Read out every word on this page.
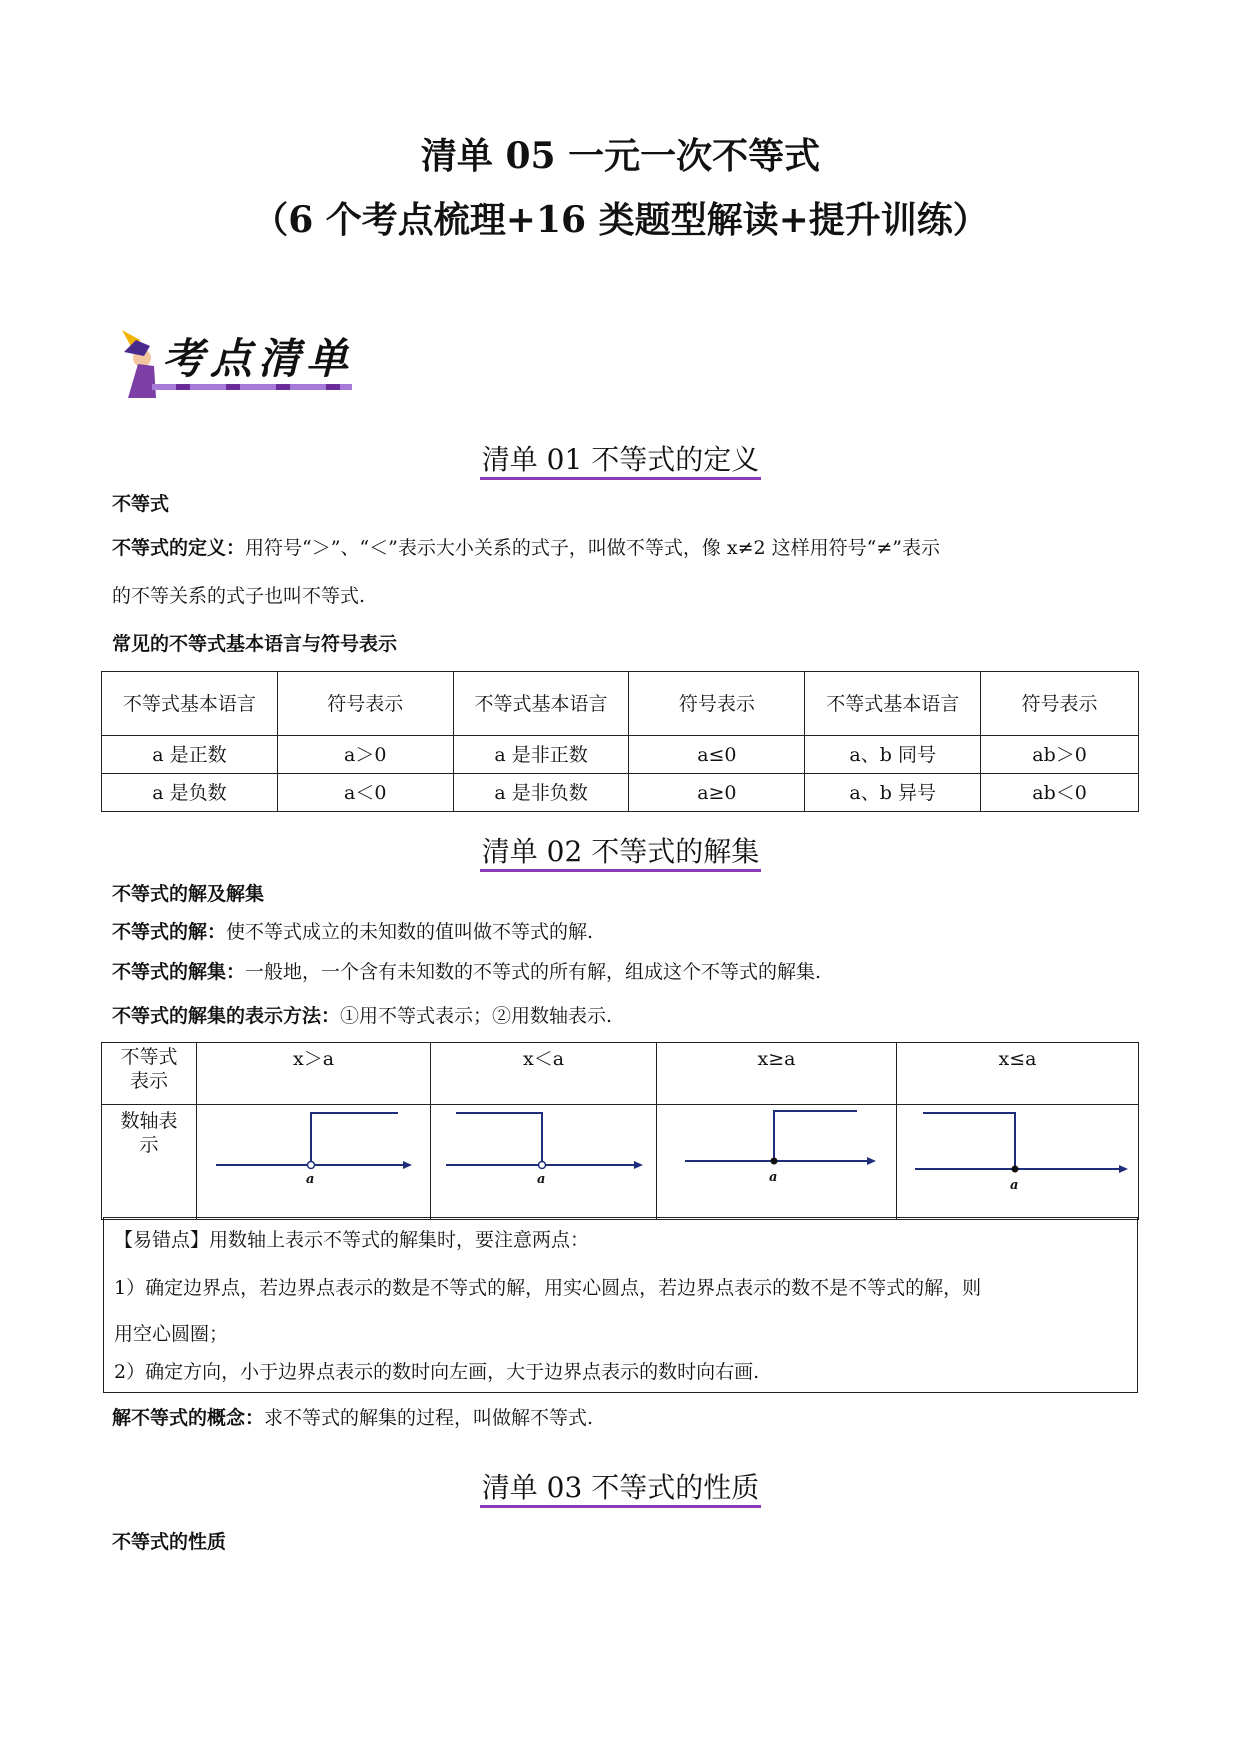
清单 05 一元一次不等式
（6 个考点梳理+16 类题型解读+提升训练）
考点清单
清单 01 不等式的定义
不等式
不等式的定义：用符号“＞”、“＜”表示大小关系的式子，叫做不等式，像 x≠2 这样用符号“≠”表示
的不等关系的式子也叫不等式.
常见的不等式基本语言与符号表示
不等式基本语言	符号表示	不等式基本语言	符号表示	不等式基本语言	符号表示
a 是正数	a＞0	a 是非正数	a≤0	a、b 同号	ab＞0
a 是负数	a＜0	a 是非负数	a≥0	a、b 异号	ab＜0
清单 02 不等式的解集
不等式的解及解集
不等式的解：使不等式成立的未知数的值叫做不等式的解.
不等式的解集：一般地，一个含有未知数的不等式的所有解，组成这个不等式的解集.
不等式的解集的表示方法：①用不等式表示；②用数轴表示.
不等式表示	x＞a	x＜a	x≥a	x≤a
数轴表示	a	a	a	a
【易错点】用数轴上表示不等式的解集时，要注意两点：
1）确定边界点，若边界点表示的数是不等式的解，用实心圆点，若边界点表示的数不是不等式的解，则
用空心圆圈；
2）确定方向，小于边界点表示的数时向左画，大于边界点表示的数时向右画.
解不等式的概念：求不等式的解集的过程，叫做解不等式.
清单 03 不等式的性质
不等式的性质
